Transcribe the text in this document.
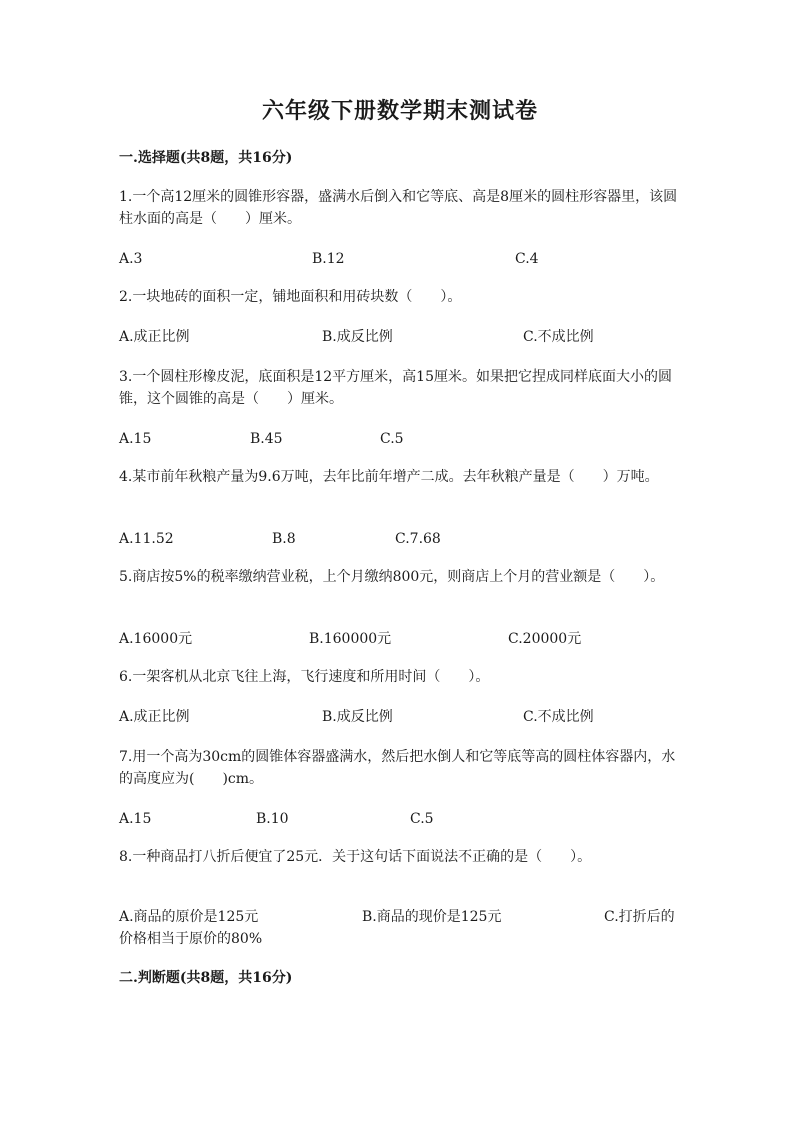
六年级下册数学期末测试卷
一.选择题(共8题，共16分)
1.一个高12厘米的圆锥形容器，盛满水后倒入和它等底、高是8厘米的圆柱形容器里，该圆柱水面的高是（　　）厘米。
A.3	B.12	C.4
2.一块地砖的面积一定，铺地面积和用砖块数（　　）。
A.成正比例	B.成反比例	C.不成比例
3.一个圆柱形橡皮泥，底面积是12平方厘米，高15厘米。如果把它捏成同样底面大小的圆锥，这个圆锥的高是（　　）厘米。
A.15	B.45	C.5
4.某市前年秋粮产量为9.6万吨，去年比前年增产二成。去年秋粮产量是（　　）万吨。
A.11.52	B.8	C.7.68
5.商店按5%的税率缴纳营业税，上个月缴纳800元，则商店上个月的营业额是（　　）。
A.16000元	B.160000元	C.20000元
6.一架客机从北京飞往上海，飞行速度和所用时间（　　）。
A.成正比例	B.成反比例	C.不成比例
7.用一个高为30cm的圆锥体容器盛满水，然后把水倒人和它等底等高的圆柱体容器内，水的高度应为(　　)cm。
A.15	B.10	C.5
8.一种商品打八折后便宜了25元．关于这句话下面说法不正确的是（　　）。
A.商品的原价是125元	B.商品的现价是125元	C.打折后的价格相当于原价的80%
二.判断题(共8题，共16分)
